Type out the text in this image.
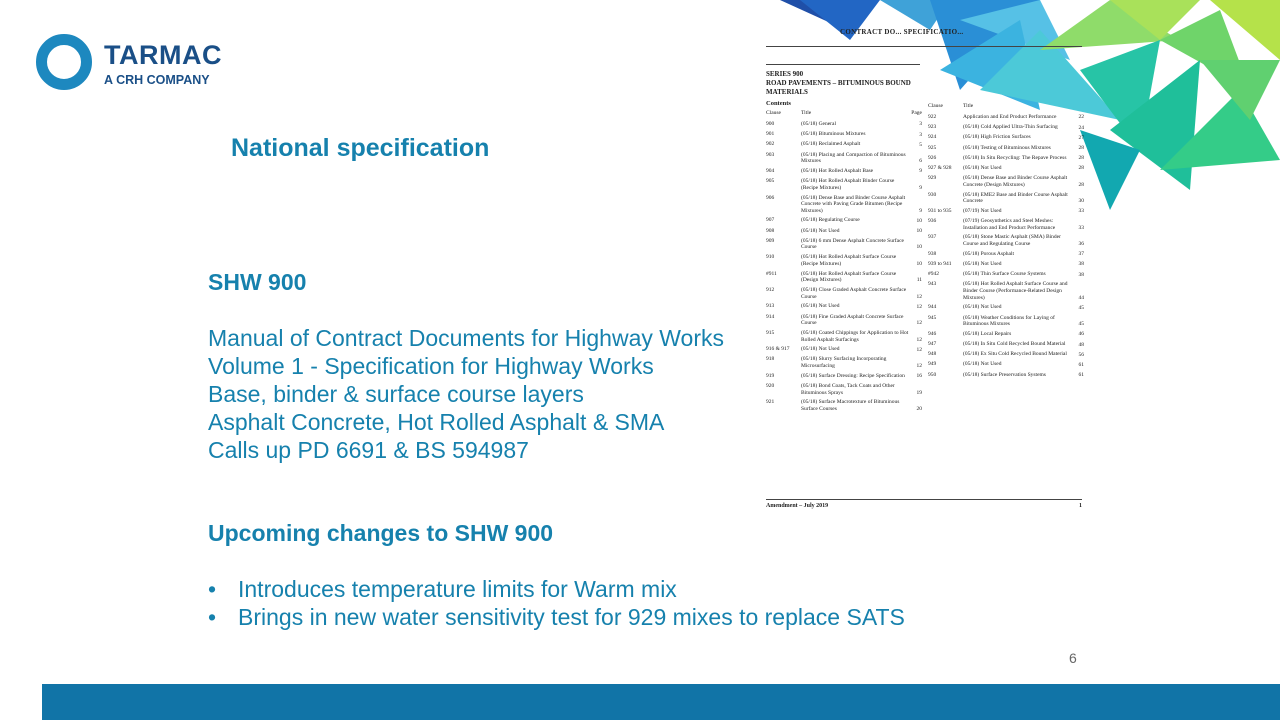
TARMAC
A CRH COMPANY
CONTRACT DO... SPECIFICATIO...
SERIES 900
ROAD PAVEMENTS – BITUMINOUS BOUND MATERIALS
Contents
Clause	Title	Page
900	(05/18) General	3
901	(05/18) Bituminous Mixtures	3
902	(05/18) Reclaimed Asphalt	5
903	(05/18) Placing and Compaction of Bituminous Mixtures	6
904	(05/18) Hot Rolled Asphalt Base	9
905	(05/18) Hot Rolled Asphalt Binder Course (Recipe Mixtures)	9
906	(05/18) Dense Base and Binder Course Asphalt Concrete with Paving Grade Bitumen (Recipe Mixtures)	9
907	(05/18) Regulating Course	10
908	(05/18) Not Used	10
909	(05/18) 6 mm Dense Asphalt Concrete Surface Course	10
910	(05/18) Hot Rolled Asphalt Surface Course (Recipe Mixtures)	10
#911	(05/18) Hot Rolled Asphalt Surface Course (Design Mixtures)	11
912	(05/18) Close Graded Asphalt Concrete Surface Course	12
913	(05/18) Not Used	12
914	(05/18) Fine Graded Asphalt Concrete Surface Course	12
915	(05/18) Coated Chippings for Application to Hot Rolled Asphalt Surfacings	12
916 & 917 (05/18) Not Used	12
918	(05/18) Slurry Surfacing Incorporating Microsurfacing	12
919	(05/18) Surface Dressing: Recipe Specification	16
920	(05/18) Bond Coats, Tack Coats and Other Bituminous Sprays	19
921	(05/18) Surface Macrotexture of Bituminous Surface Courses	20
Clause	Title
922	Application and End Product Performance	22
923	(05/18) Cold Applied Ultra-Thin Surfacing	24
924	(05/18) High Friction Surfaces	27
925	(05/18) Testing of Bituminous Mixtures	28
926	(05/18) In Situ Recycling: The Repave Process	28
927 & 928 (05/18) Not Used	28
929	(05/18) Dense Base and Binder Course Asphalt Concrete (Design Mixtures)	28
930	(05/18) EME2 Base and Binder Course Asphalt Concrete	30
931 to 935 (07/19) Not Used	33
936	(07/19) Geosynthetics and Steel Meshes: Installation and End Product Performance	33
937	(05/18) Stone Mastic Asphalt (SMA) Binder Course and Regulating Course	36
938	(05/18) Porous Asphalt	37
939 to 941 (05/18) Not Used	38
#942	(05/18) Thin Surface Course Systems	38
943	(05/18) Hot Rolled Asphalt Surface Course and Binder Course (Performance-Related Design Mixtures)	44
944	(05/18) Not Used	45
945	(05/18) Weather Conditions for Laying of Bituminous Mixtures	45
946	(05/18) Local Repairs	46
947	(05/18) In Situ Cold Recycled Bound Material	48
948	(05/18) Ex Situ Cold Recycled Bound Material	56
949	(05/18) Not Used	61
950	(05/18) Surface Preservation Systems	61
Amendment – July 2019	1
National specification
SHW 900
Manual of Contract Documents for Highway Works
Volume 1 - Specification for Highway Works
Base, binder & surface course layers
Asphalt Concrete, Hot Rolled Asphalt & SMA
Calls up PD 6691 & BS 594987
Upcoming changes to SHW 900
• Introduces temperature limits for Warm mix
• Brings in new water sensitivity test for 929 mixes to replace SATS
6
